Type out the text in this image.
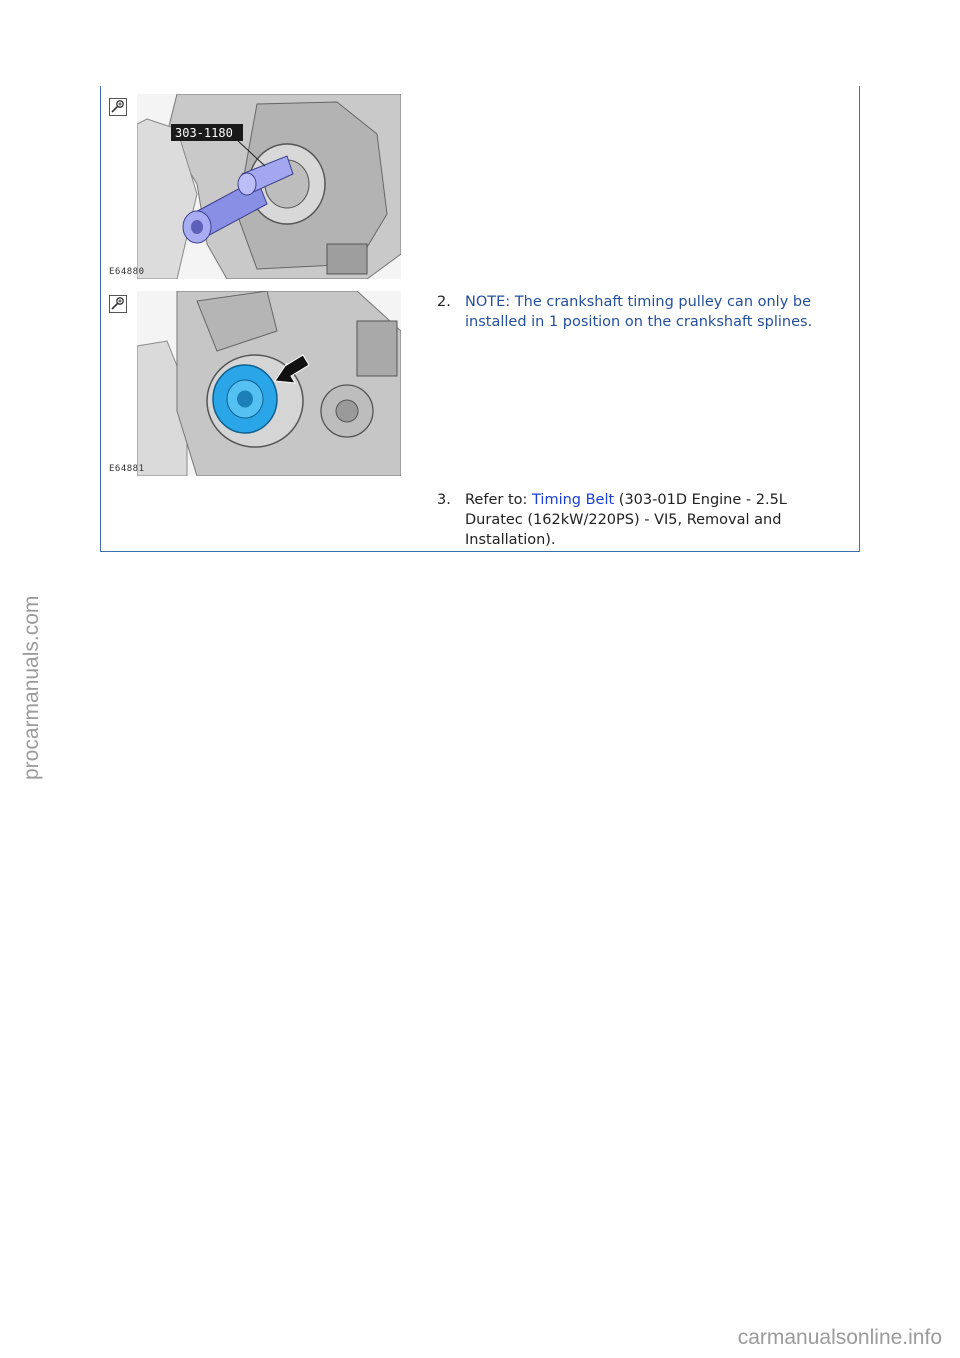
303-1180
E64880
E64881
2. NOTE: The crankshaft timing pulley can only be installed in 1 position on the crankshaft splines.
3. Refer to: Timing Belt (303-01D Engine - 2.5L Duratec (162kW/220PS) - VI5, Removal and Installation).
procarmanuals.com
carmanualsonline.info
